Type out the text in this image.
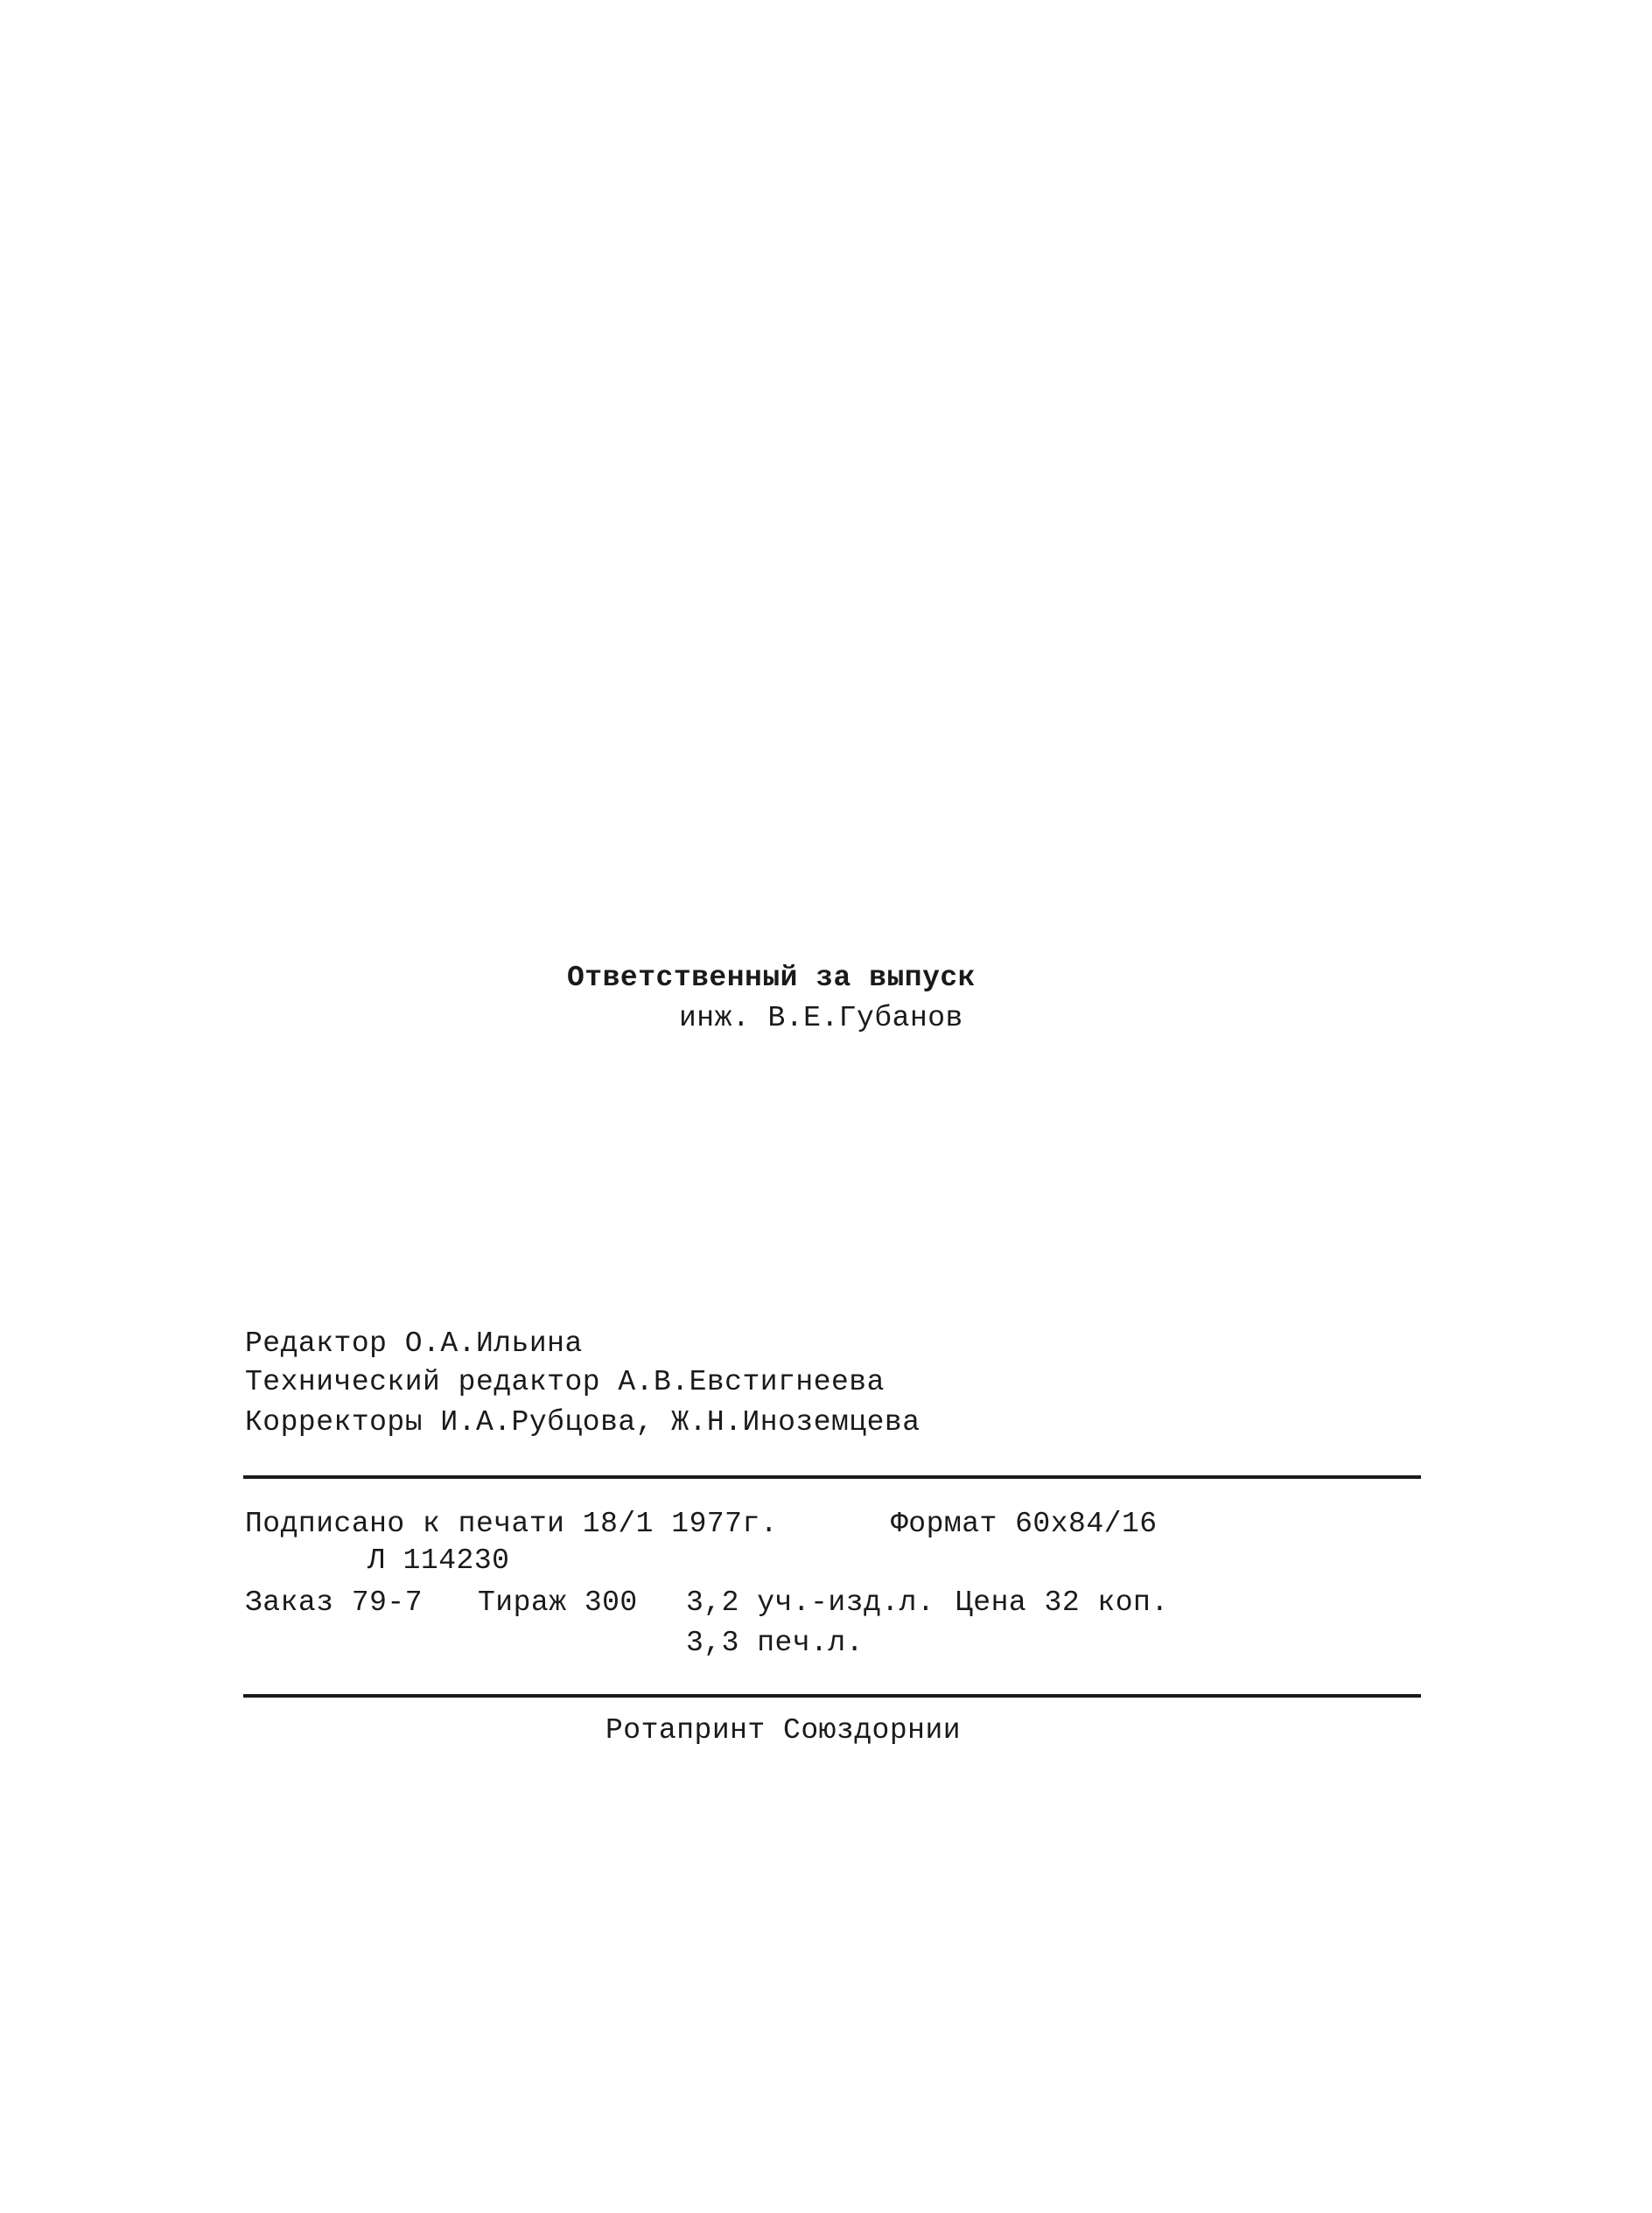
Ответственный за выпуск
инж. В.Е.Губанов
Редактор О.А.Ильина
Технический редактор А.В.Евстигнеева
Корректоры И.А.Рубцова, Ж.Н.Иноземцева
Подписано к печати 18/1 1977г.	Формат 60х84/16
Л 114230
Заказ 79-7 Тираж 300 3,2 уч.-изд.л. Цена 32 коп.
3,3 печ.л.
Ротапринт Союздорнии
